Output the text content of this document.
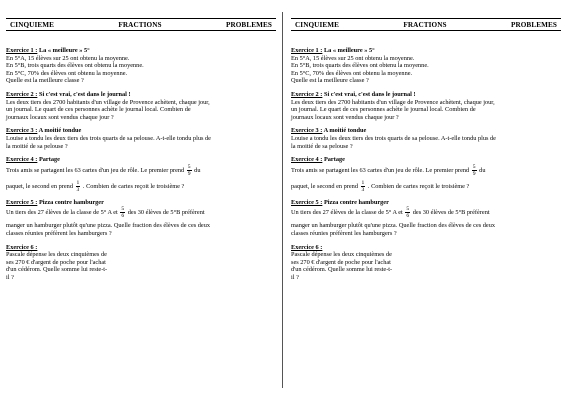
CINQUIEME	FRACTIONS	PROBLEMES
Exercice 1 : La « meilleure » 5°

En 5°A, 15 élèves sur 25 ont obtenu la moyenne.

En 5°B, trois quarts des élèves ont obtenu la moyenne.

En 5°C, 70% des élèves ont obtenu la moyenne.

Quelle est la meilleure classe ?

Exercice 2 : Si c'est vrai, c'est dans le journal !

Les deux tiers des 2700 habitants d'un village de Provence achètent, chaque jour,

un journal. Le quart de ces personnes achète le journal local. Combien de

journaux locaux sont vendus chaque jour ?

Exercice 3 : A moitié tondue

Louise a tondu les deux tiers des trois quarts de sa pelouse. A-t-elle tondu plus de

la moitié de sa pelouse ?

Exercice 4 : Partage

Trois amis se partagent les 63 cartes d'un jeu de rôle. Le premier prend $\frac{5}{9}$ du

paquet, le second en prend $\frac{1}{3}$ . Combien de cartes reçoit le troisième ?

Exercice 5 : Pizza contre hamburger

Un tiers des 27 élèves de la classe de 5° A et $\frac{5}{6}$ des 30 élèves de 5°B préfèrent

manger un hamburger plutôt qu'une pizza. Quelle fraction des élèves de ces deux

classes réunies préfèrent les hamburgers ?

Exercice 6 :

Pascale dépense les deux cinquièmes de

ses 270 € d'argent de poche pour l'achat

d'un cédérom. Quelle somme lui reste-t-

il ?

CINQUIEME	FRACTIONS	PROBLEMES
Exercice 1 : La « meilleure » 5°

En 5°A, 15 élèves sur 25 ont obtenu la moyenne.

En 5°B, trois quarts des élèves ont obtenu la moyenne.

En 5°C, 70% des élèves ont obtenu la moyenne.

Quelle est la meilleure classe ?

Exercice 2 : Si c'est vrai, c'est dans le journal !

Les deux tiers des 2700 habitants d'un village de Provence achètent, chaque jour,

un journal. Le quart de ces personnes achète le journal local. Combien de

journaux locaux sont vendus chaque jour ?

Exercice 3 : A moitié tondue

Louise a tondu les deux tiers des trois quarts de sa pelouse. A-t-elle tondu plus de

la moitié de sa pelouse ?

Exercice 4 : Partage

Trois amis se partagent les 63 cartes d'un jeu de rôle. Le premier prend $\frac{5}{9}$ du

paquet, le second en prend $\frac{1}{3}$ . Combien de cartes reçoit le troisième ?

Exercice 5 : Pizza contre hamburger

Un tiers des 27 élèves de la classe de 5° A et $\frac{5}{6}$ des 30 élèves de 5°B préfèrent

manger un hamburger plutôt qu'une pizza. Quelle fraction des élèves de ces deux

classes réunies préfèrent les hamburgers ?

Exercice 6 :

Pascale dépense les deux cinquièmes de

ses 270 € d'argent de poche pour l'achat

d'un cédérom. Quelle somme lui reste-t-

il ?
